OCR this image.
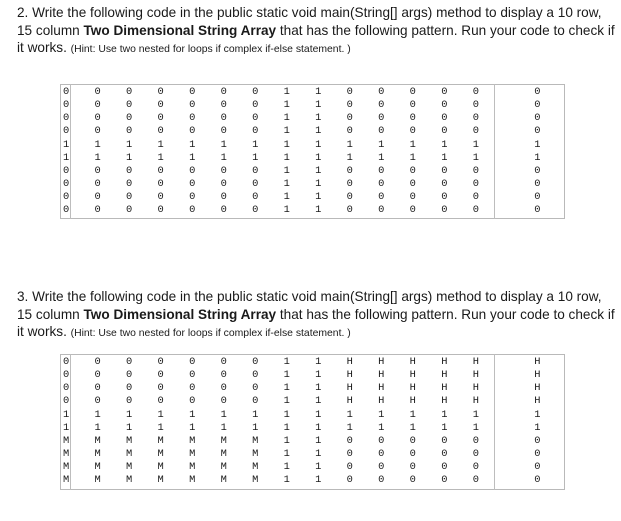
2. Write the following code in the public static void main(String[] args) method to display a 10 row, 15 column Two Dimensional String Array that has the following pattern. Run your code to check if it works. (Hint: Use two nested for loops if complex if-else statement. )
0	0	0	0	0	0	0	1	1	0	0	0	0	0	0
0	0	0	0	0	0	0	1	1	0	0	0	0	0	0
0	0	0	0	0	0	0	1	1	0	0	0	0	0	0
0	0	0	0	0	0	0	1	1	0	0	0	0	0	0
1	1	1	1	1	1	1	1	1	1	1	1	1	1	1
1	1	1	1	1	1	1	1	1	1	1	1	1	1	1
0	0	0	0	0	0	0	1	1	0	0	0	0	0	0
0	0	0	0	0	0	0	1	1	0	0	0	0	0	0
0	0	0	0	0	0	0	1	1	0	0	0	0	0	0
0	0	0	0	0	0	0	1	1	0	0	0	0	0	0
3. Write the following code in the public static void main(String[] args) method to display a 10 row, 15 column Two Dimensional String Array that has the following pattern. Run your code to check if it works. (Hint: Use two nested for loops if complex if-else statement. )
0	0	0	0	0	0	0	1	1	H	H	H	H	H	H
0	0	0	0	0	0	0	1	1	H	H	H	H	H	H
0	0	0	0	0	0	0	1	1	H	H	H	H	H	H
0	0	0	0	0	0	0	1	1	H	H	H	H	H	H
1	1	1	1	1	1	1	1	1	1	1	1	1	1	1
1	1	1	1	1	1	1	1	1	1	1	1	1	1	1
M	M	M	M	M	M	M	1	1	0	0	0	0	0	0
M	M	M	M	M	M	M	1	1	0	0	0	0	0	0
M	M	M	M	M	M	M	1	1	0	0	0	0	0	0
M	M	M	M	M	M	M	1	1	0	0	0	0	0	0
